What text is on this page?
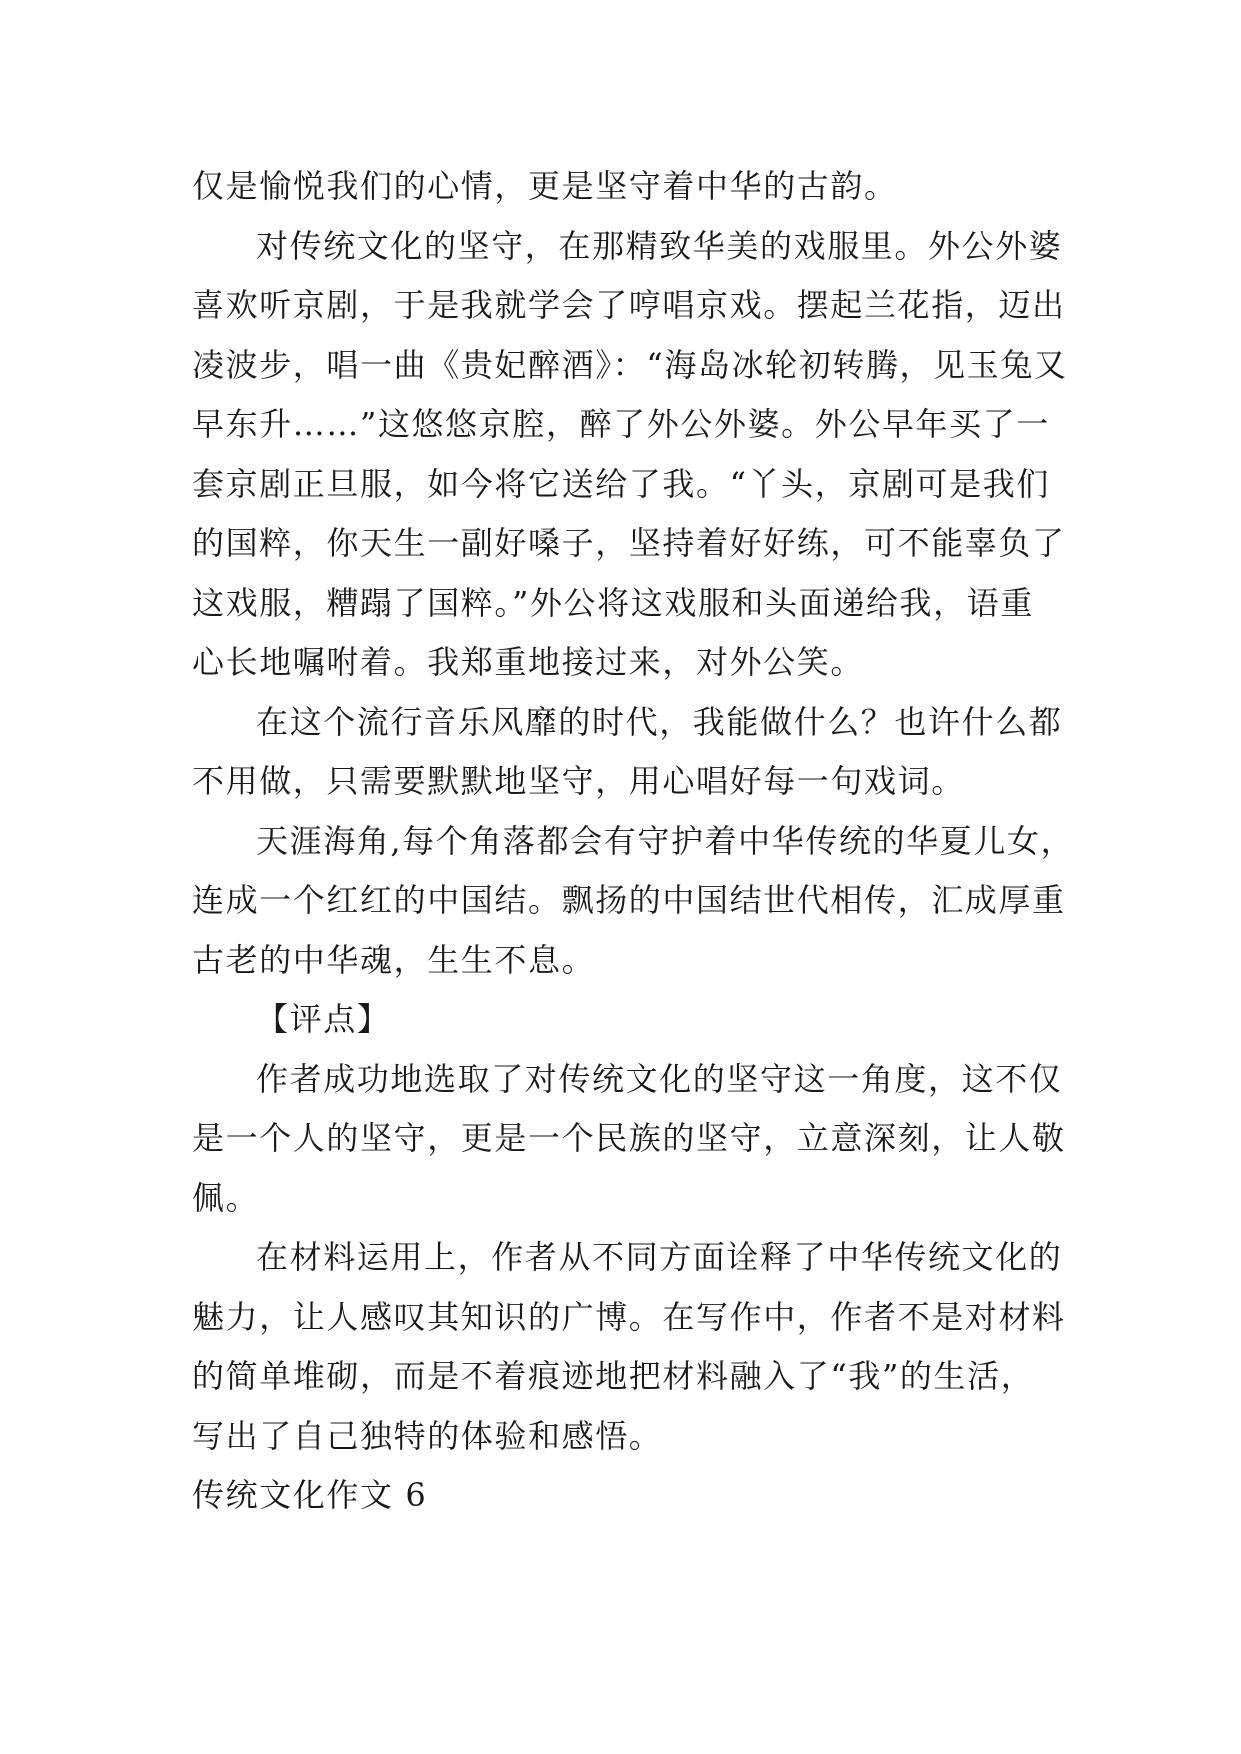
仅是愉悦我们的心情，更是坚守着中华的古韵。
对传统文化的坚守，在那精致华美的戏服里。外公外婆
喜欢听京剧，于是我就学会了哼唱京戏。摆起兰花指，迈出
凌波步，唱一曲《贵妃醉酒》：“海岛冰轮初转腾，见玉兔又
早东升……”这悠悠京腔，醉了外公外婆。外公早年买了一
套京剧正旦服，如今将它送给了我。“丫头，京剧可是我们
的国粹，你天生一副好嗓子，坚持着好好练，可不能辜负了
这戏服，糟蹋了国粹。”外公将这戏服和头面递给我，语重
心长地嘱咐着。我郑重地接过来，对外公笑。
在这个流行音乐风靡的时代，我能做什么？也许什么都
不用做，只需要默默地坚守，用心唱好每一句戏词。
天涯海角,每个角落都会有守护着中华传统的华夏儿女，
连成一个红红的中国结。飘扬的中国结世代相传，汇成厚重
古老的中华魂，生生不息。
【评点】
作者成功地选取了对传统文化的坚守这一角度，这不仅
是一个人的坚守，更是一个民族的坚守，立意深刻，让人敬
佩。
在材料运用上，作者从不同方面诠释了中华传统文化的
魅力，让人感叹其知识的广博。在写作中，作者不是对材料
的简单堆砌，而是不着痕迹地把材料融入了“我”的生活，
写出了自己独特的体验和感悟。
传统文化作文 6
